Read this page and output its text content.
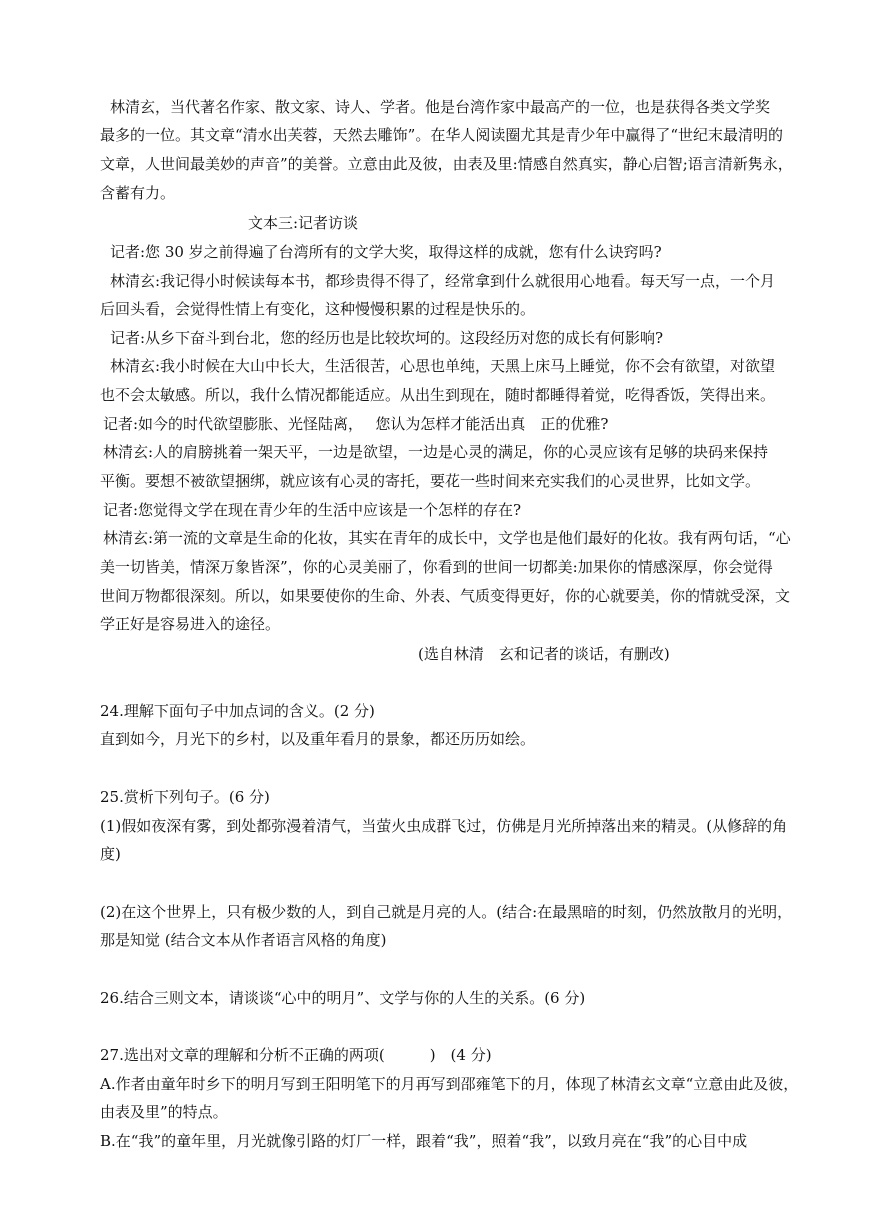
林清玄，当代著名作家、散文家、诗人、学者。他是台湾作家中最高产的一位，也是获得各类文学奖
最多的一位。其文章“清水出芙蓉，天然去雕饰”。在华人阅读圈尤其是青少年中赢得了“世纪末最清明的
文章，人世间最美妙的声音”的美誉。立意由此及彼，由表及里:情感自然真实，静心启智;语言清新隽永，
含蓄有力。
文本三:记者访谈
记者:您 30 岁之前得遍了台湾所有的文学大奖，取得这样的成就，您有什么诀窍吗?
林清玄:我记得小时候读每本书，都珍贵得不得了，经常拿到什么就很用心地看。每天写一点，一个月
后回头看，会觉得性情上有变化，这种慢慢积累的过程是快乐的。
记者:从乡下奋斗到台北，您的经历也是比较坎坷的。这段经历对您的成长有何影响?
林清玄:我小时候在大山中长大，生活很苦，心思也单纯，天黑上床马上睡觉，你不会有欲望，对欲望
也不会太敏感。所以，我什么情况都能适应。从出生到现在，随时都睡得着觉，吃得香饭，笑得出来。
记者:如今的时代欲望膨胀、光怪陆离，　 您认为怎样才能活出真　正的优雅?
林清玄:人的肩膀挑着一架天平，一边是欲望，一边是心灵的满足，你的心灵应该有足够的块码来保持
平衡。要想不被欲望捆绑，就应该有心灵的寄托，要花一些时间来充实我们的心灵世界，比如文学。
记者:您觉得文学在现在青少年的生活中应该是一个怎样的存在?
林清玄:第一流的文章是生命的化妆，其实在青年的成长中，文学也是他们最好的化妆。我有两句话，“心
美一切皆美，情深万象皆深”，你的心灵美丽了，你看到的世间一切都美:加果你的情感深厚，你会觉得
世间万物都很深刻。所以，如果要使你的生命、外表、气质变得更好，你的心就要美，你的情就受深，文
学正好是容易进入的途径。
(选自林清　玄和记者的谈话，有删改)
24.理解下面句子中加点词的含义。(2 分)
直到如今，月光下的乡村，以及重年看月的景象，都还历历如绘。
25.赏析下列句子。(6 分)
(1)假如夜深有雾，到处都弥漫着清气，当萤火虫成群飞过，仿佛是月光所掉落出来的精灵。(从修辞的角
度)
(2)在这个世界上，只有极少数的人，到自己就是月亮的人。(结合:在最黑暗的时刻，仍然放散月的光明，
那是知觉 (结合文本从作者语言风格的角度)
26.结合三则文本，请谈谈“心中的明月”、文学与你的人生的关系。(6 分)
27.选出对文章的理解和分析不正确的两项(　　　)　(4 分)
A.作者由童年时乡下的明月写到王阳明笔下的月再写到邵雍笔下的月，体现了林清玄文章“立意由此及彼，
由表及里”的特点。
B.在“我”的童年里，月光就像引路的灯厂一样，跟着“我”，照着“我”，以致月亮在“我”的心目中成
